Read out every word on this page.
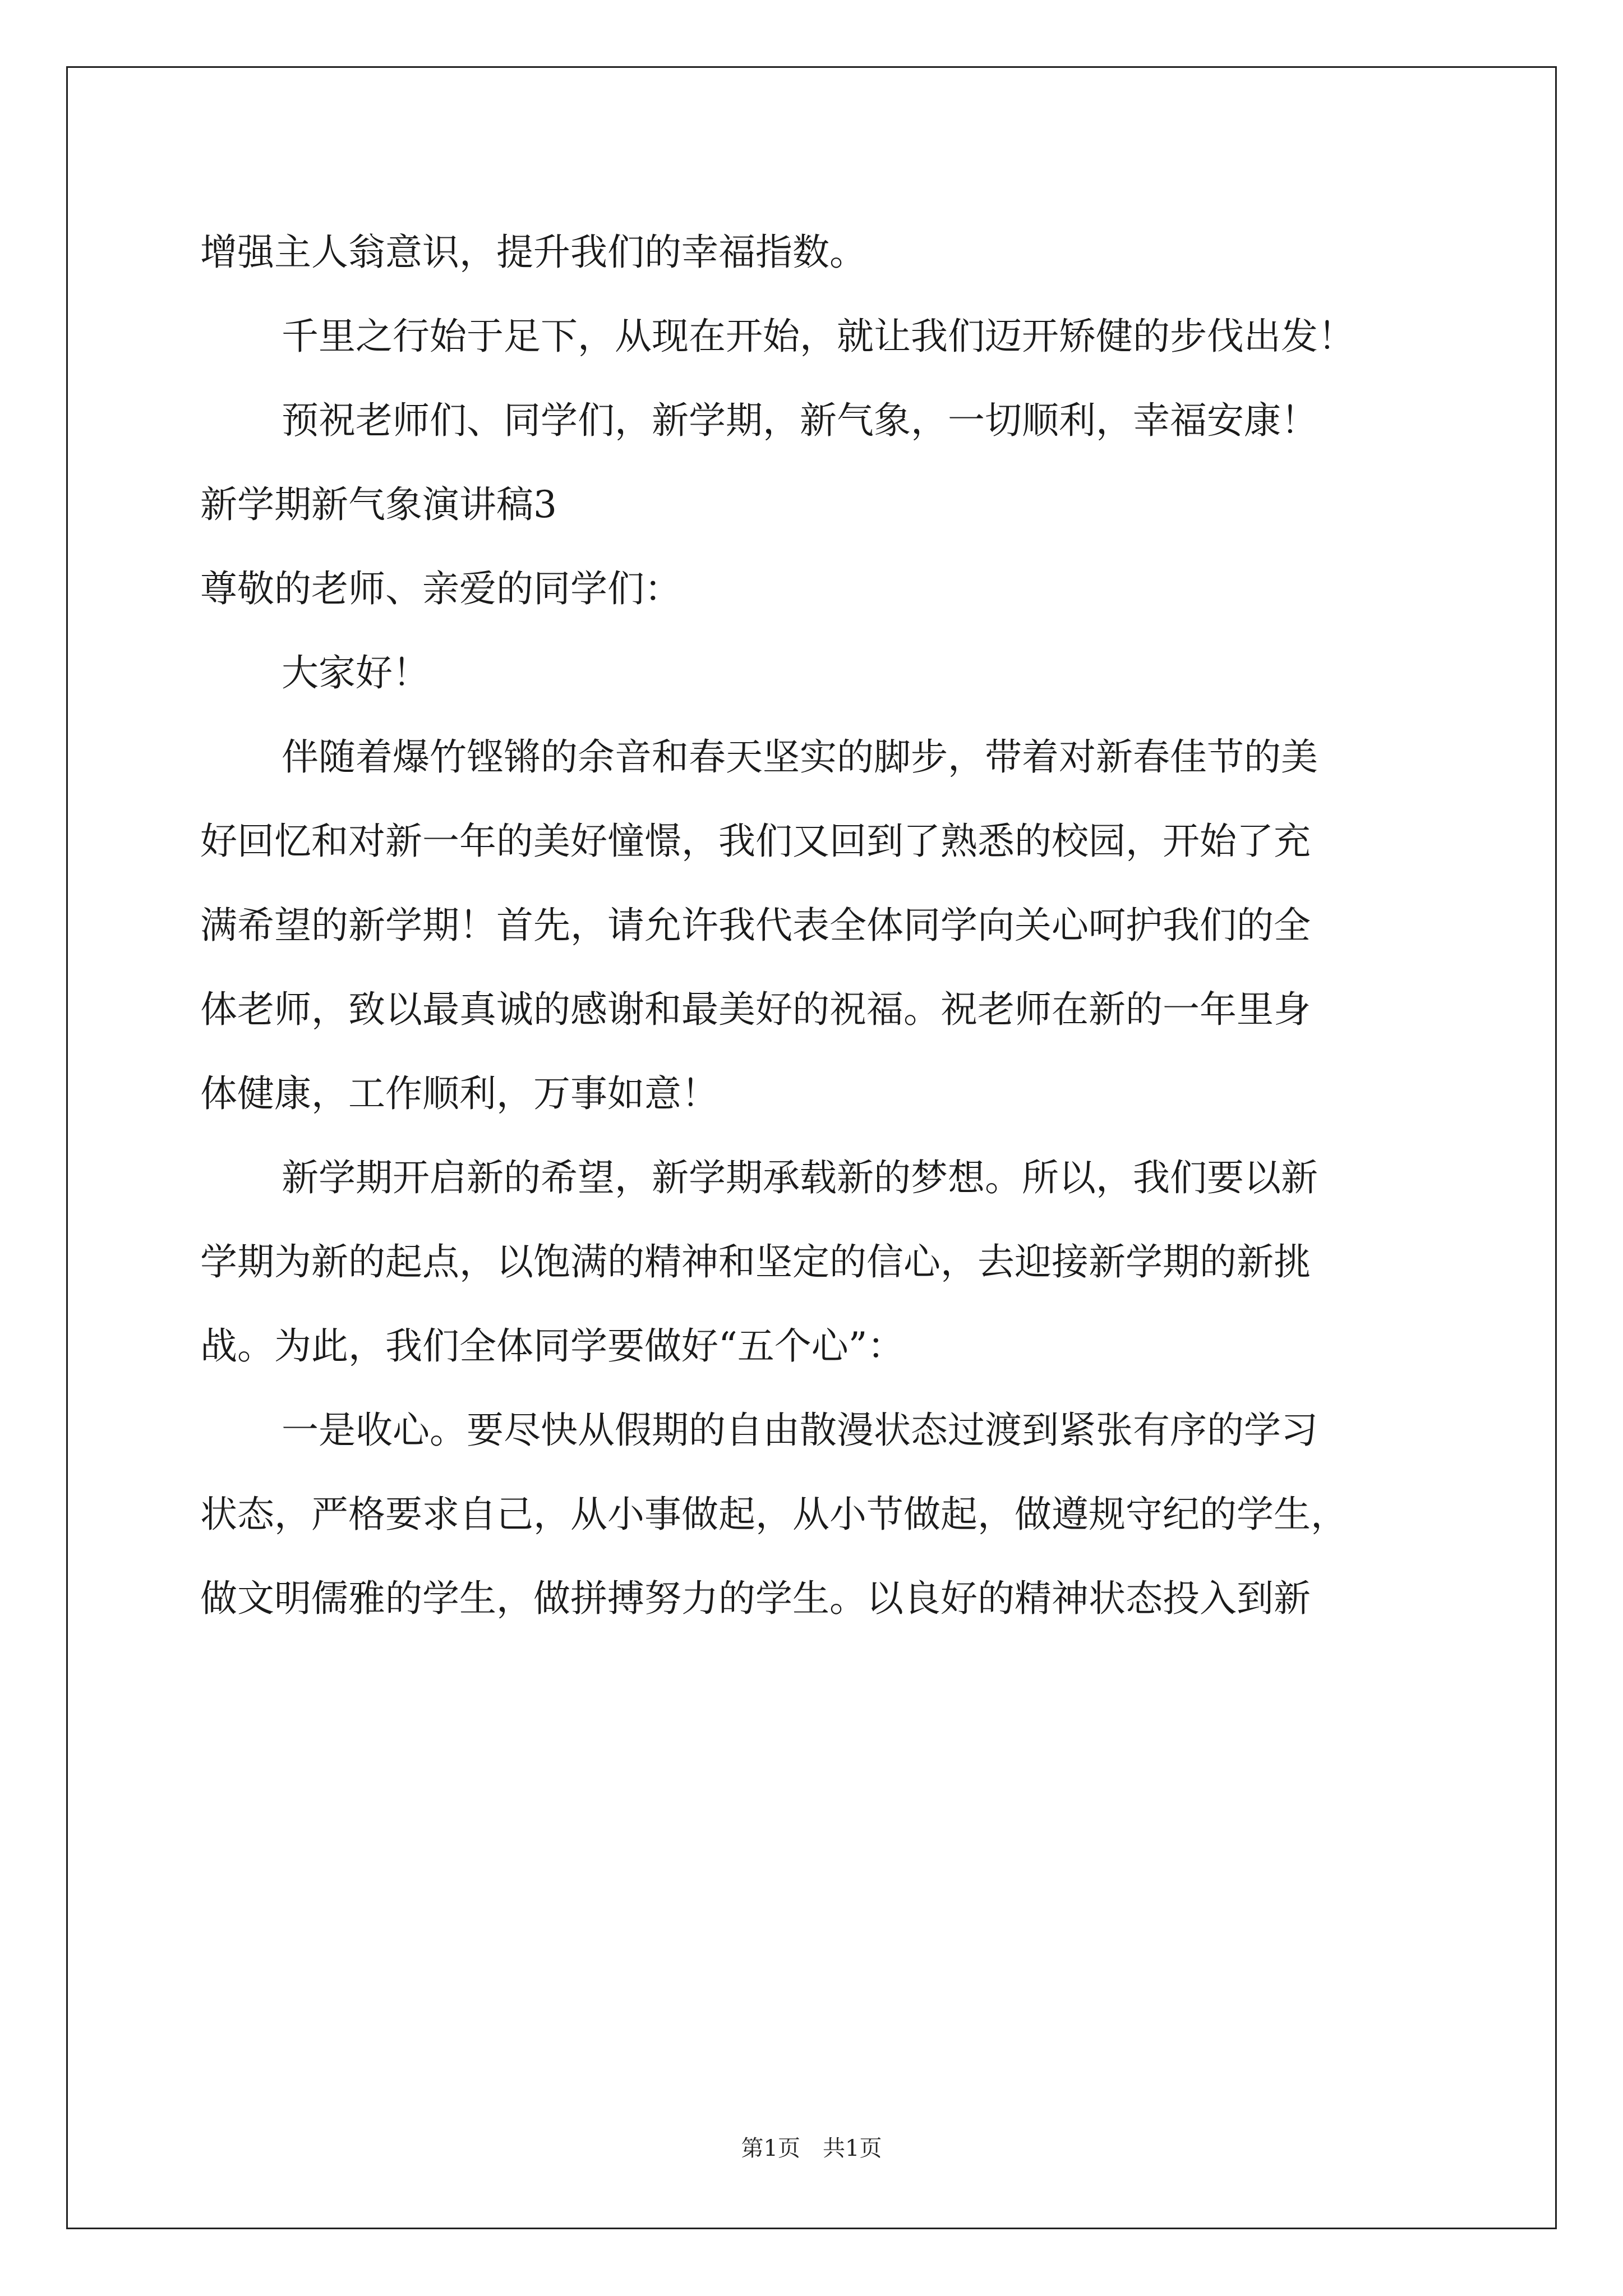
增强主人翁意识，提升我们的幸福指数。
千里之行始于足下，从现在开始，就让我们迈开矫健的步伐出发！
预祝老师们、同学们，新学期，新气象，一切顺利，幸福安康！
新学期新气象演讲稿3
尊敬的老师、亲爱的同学们：
大家好！
伴随着爆竹铿锵的余音和春天坚实的脚步，带着对新春佳节的美
好回忆和对新一年的美好憧憬，我们又回到了熟悉的校园，开始了充
满希望的新学期！首先，请允许我代表全体同学向关心呵护我们的全
体老师，致以最真诚的感谢和最美好的祝福。祝老师在新的一年里身
体健康，工作顺利，万事如意！
新学期开启新的希望，新学期承载新的梦想。所以，我们要以新
学期为新的起点，以饱满的精神和坚定的信心，去迎接新学期的新挑
战。为此，我们全体同学要做好“五个心”：
一是收心。要尽快从假期的自由散漫状态过渡到紧张有序的学习
状态，严格要求自己，从小事做起，从小节做起，做遵规守纪的学生，
做文明儒雅的学生，做拼搏努力的学生。以良好的精神状态投入到新
第1页　共1页
